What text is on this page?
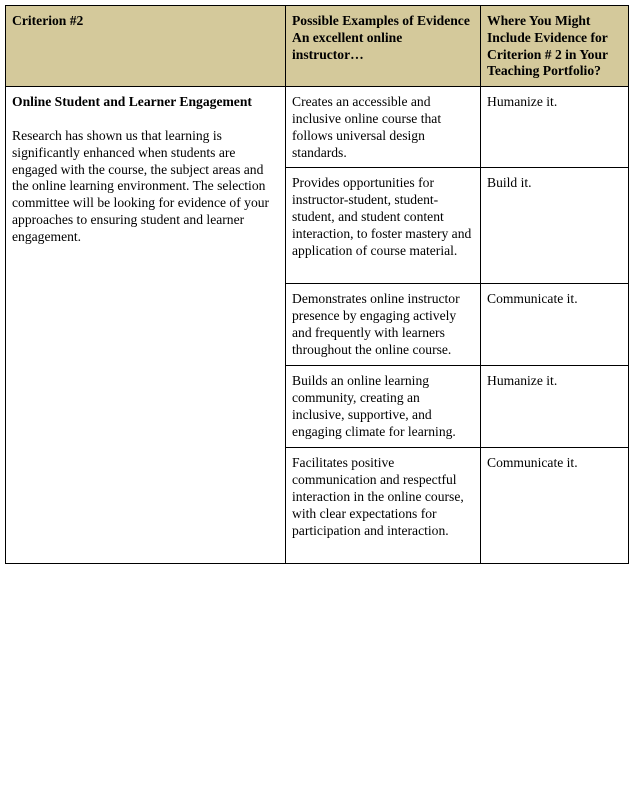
Criterion #2	Possible Examples of Evidence An excellent online instructor…	Where You Might Include Evidence for Criterion # 2 in Your Teaching Portfolio?

Online Student and Learner Engagement

Research has shown us that learning is significantly enhanced when students are engaged with the course, the subject areas and the online learning environment. The selection committee will be looking for evidence of your approaches to ensuring student and learner engagement.	Creates an accessible and inclusive online course that follows universal design standards.	Humanize it.
	Provides opportunities for instructor-student, student-student, and student content interaction, to foster mastery and application of course material.	Build it.
	Demonstrates online instructor presence by engaging actively and frequently with learners throughout the online course.	Communicate it.
	Builds an online learning community, creating an inclusive, supportive, and engaging climate for learning.	Humanize it.
	Facilitates positive communication and respectful interaction in the online course, with clear expectations for participation and interaction.	Communicate it.
